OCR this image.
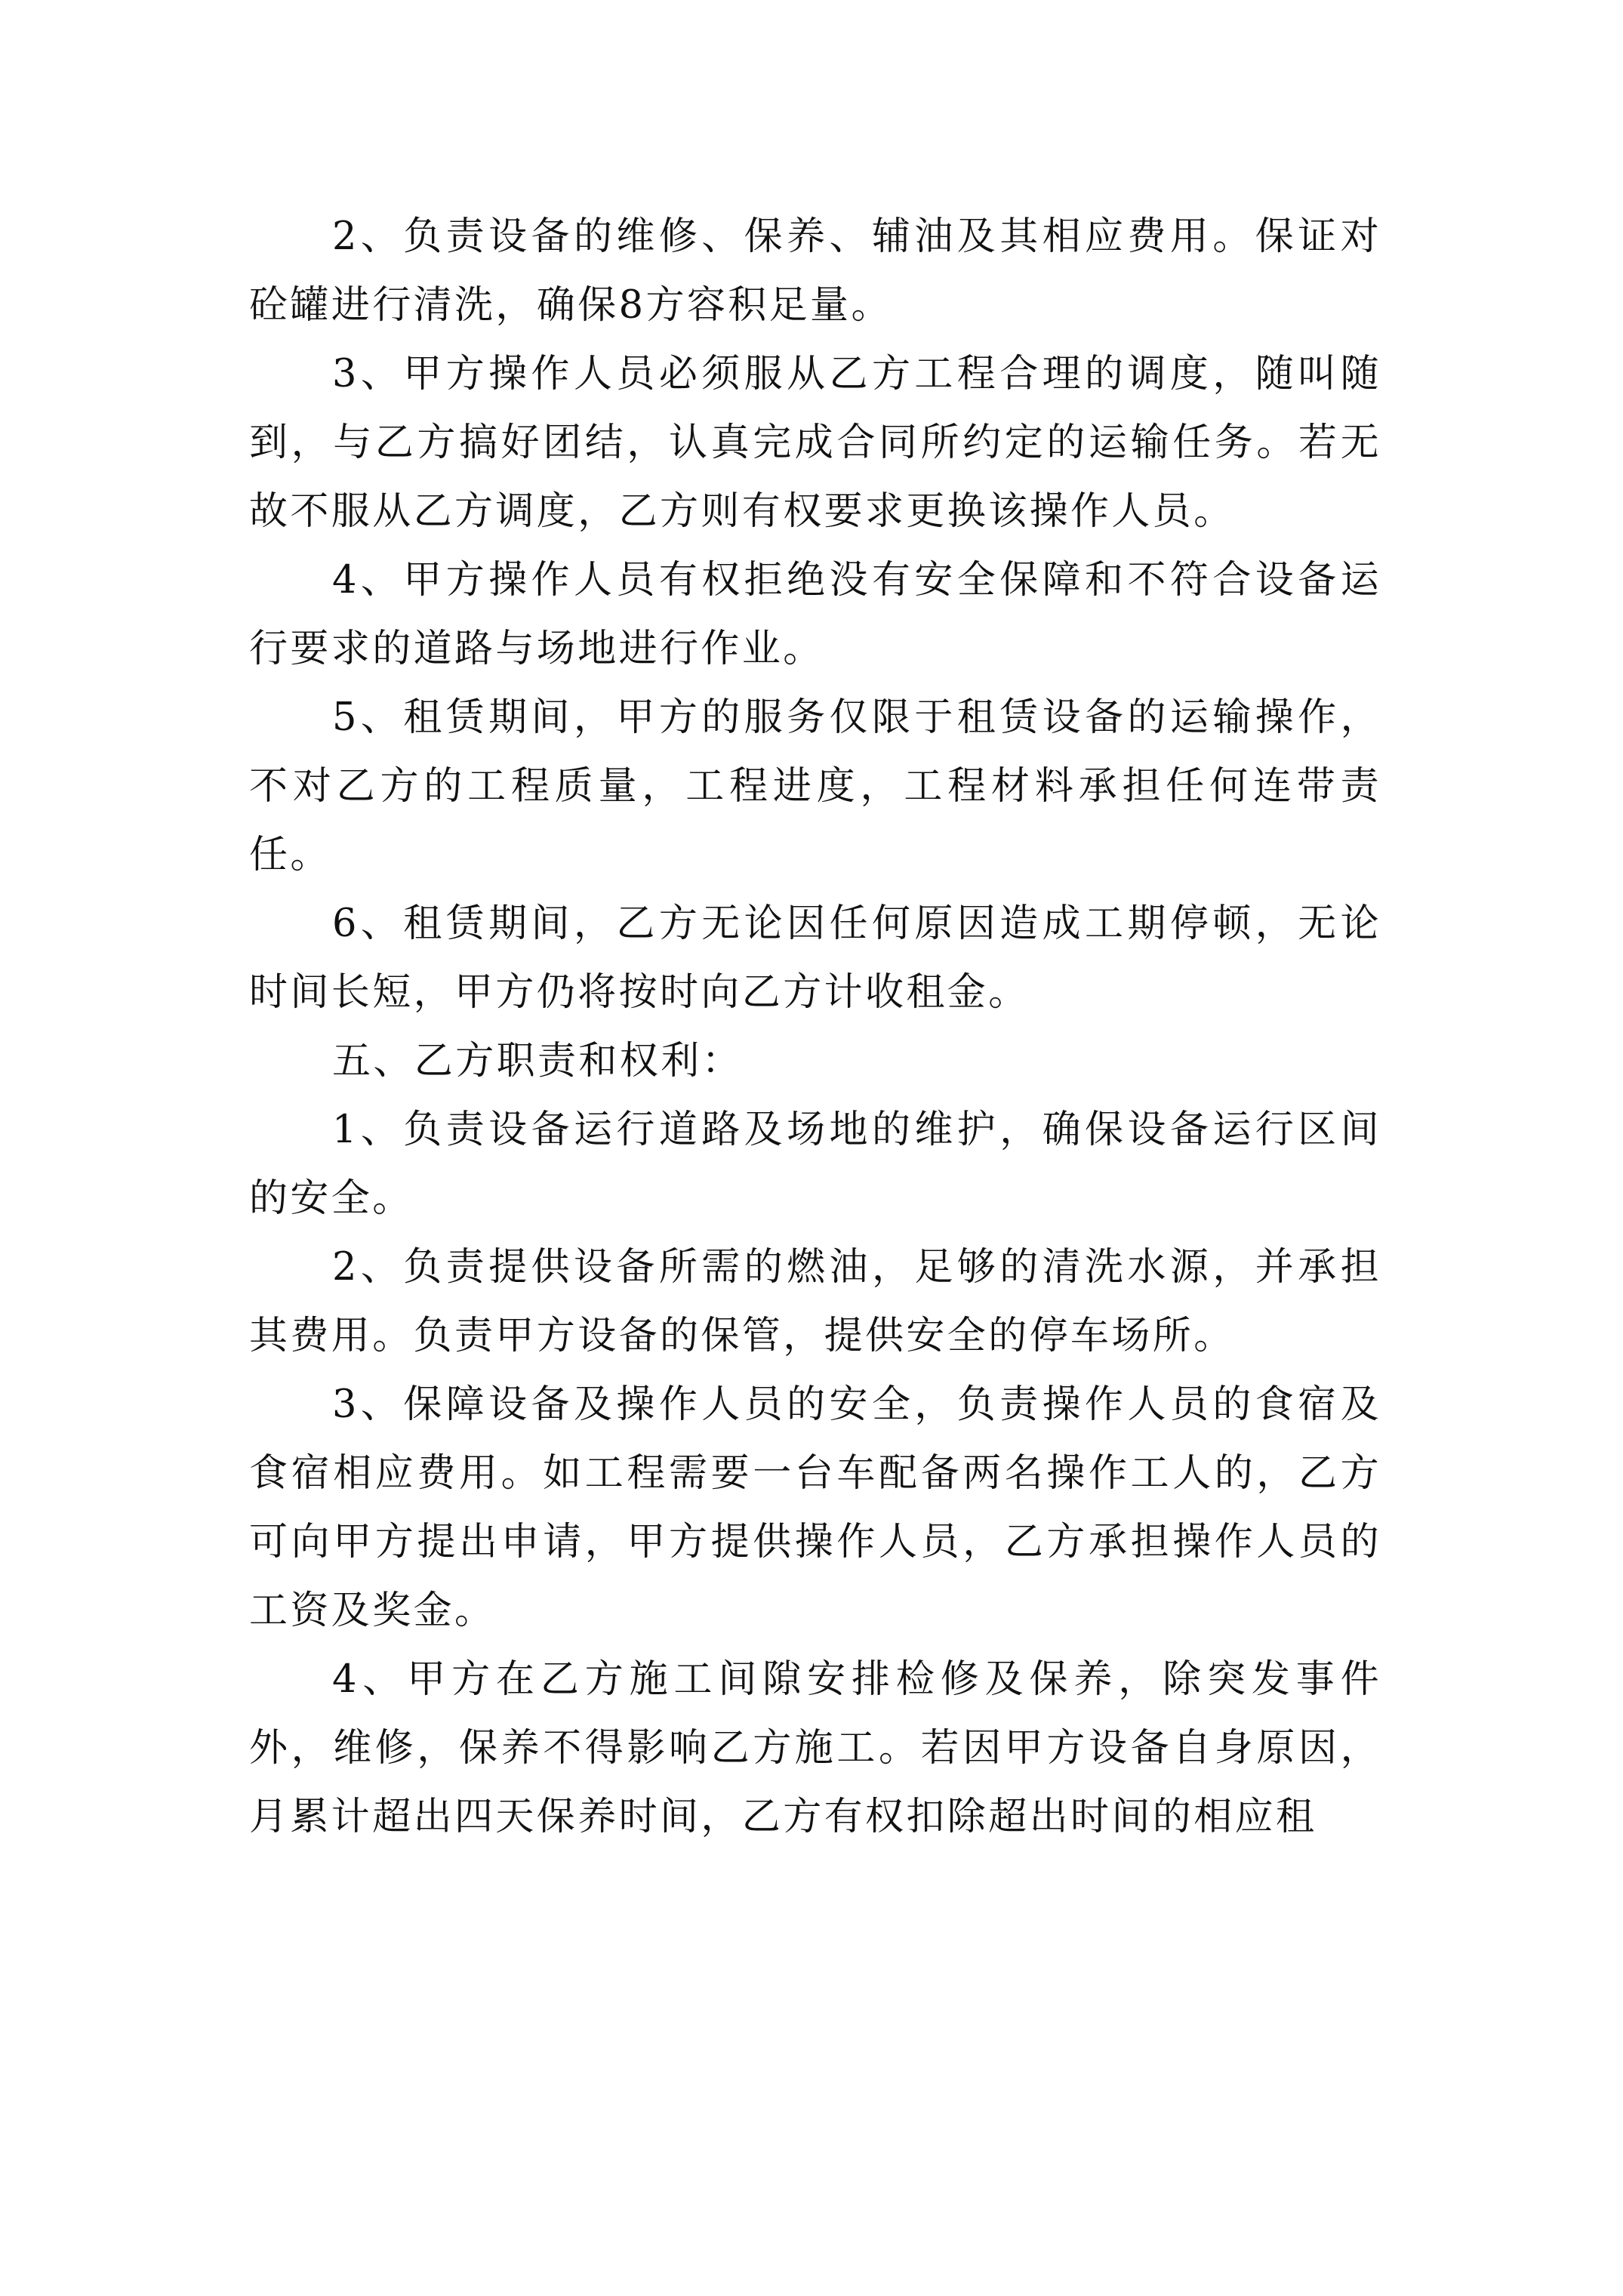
2、负责设备的维修、保养、辅油及其相应费用。保证对砼罐进行清洗，确保8方容积足量。

3、甲方操作人员必须服从乙方工程合理的调度，随叫随到，与乙方搞好团结，认真完成合同所约定的运输任务。若无故不服从乙方调度，乙方则有权要求更换该操作人员。

4、甲方操作人员有权拒绝没有安全保障和不符合设备运行要求的道路与场地进行作业。

5、租赁期间，甲方的服务仅限于租赁设备的运输操作，不对乙方的工程质量，工程进度，工程材料承担任何连带责任。

6、租赁期间，乙方无论因任何原因造成工期停顿，无论时间长短，甲方仍将按时向乙方计收租金。

五、乙方职责和权利：

1、负责设备运行道路及场地的维护，确保设备运行区间的安全。

2、负责提供设备所需的燃油，足够的清洗水源，并承担其费用。负责甲方设备的保管，提供安全的停车场所。

3、保障设备及操作人员的安全，负责操作人员的食宿及食宿相应费用。如工程需要一台车配备两名操作工人的，乙方可向甲方提出申请，甲方提供操作人员，乙方承担操作人员的工资及奖金。

4、甲方在乙方施工间隙安排检修及保养，除突发事件外，维修，保养不得影响乙方施工。若因甲方设备自身原因，月累计超出四天保养时间，乙方有权扣除超出时间的相应租
